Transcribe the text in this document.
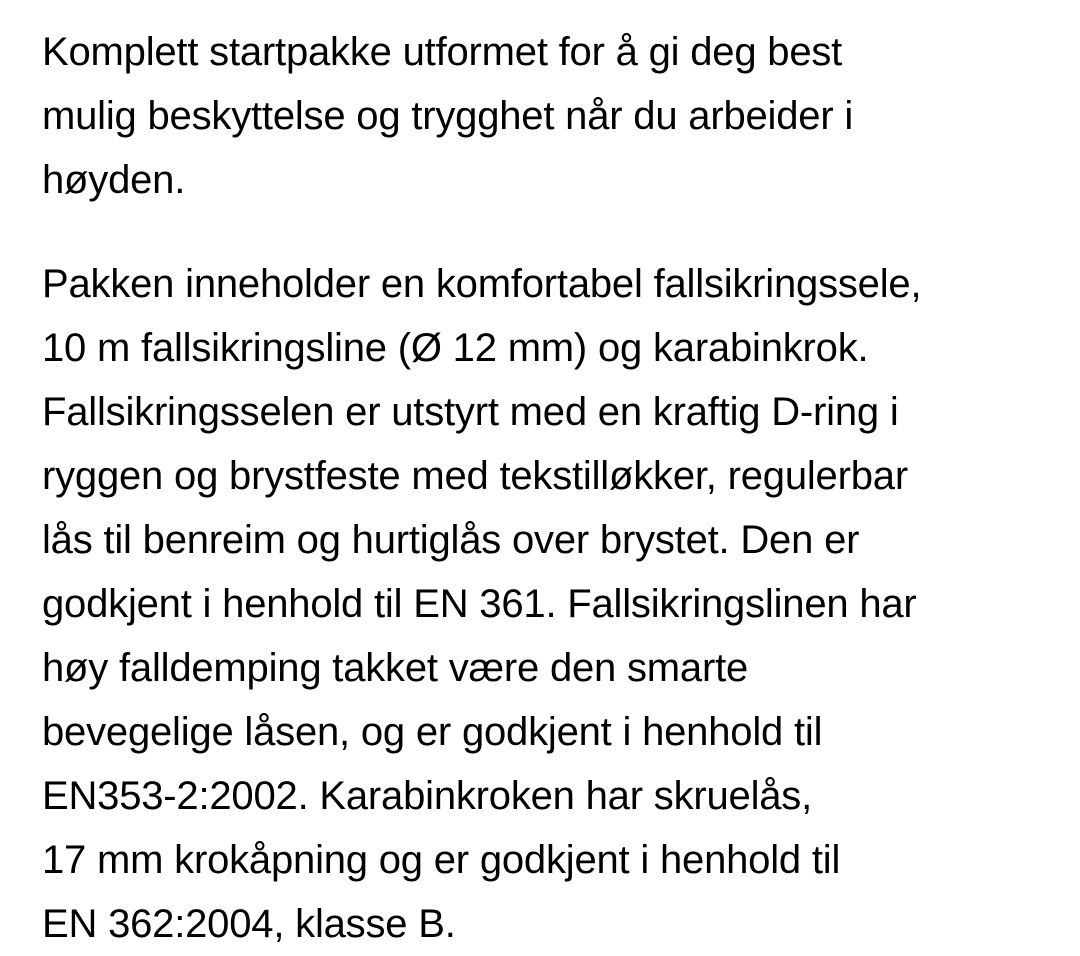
Komplett startpakke utformet for å gi deg best
mulig beskyttelse og trygghet når du arbeider i
høyden.

Pakken inneholder en komfortabel fallsikringssele,
10 m fallsikringsline (Ø 12 mm) og karabinkrok.
Fallsikringsselen er utstyrt med en kraftig D-ring i
ryggen og brystfeste med tekstilløkker, regulerbar
lås til benreim og hurtiglås over brystet. Den er
godkjent i henhold til EN 361. Fallsikringslinen har
høy falldemping takket være den smarte
bevegelige låsen, og er godkjent i henhold til
EN353-2:2002. Karabinkroken har skruelås,
17 mm krokåpning og er godkjent i henhold til
EN 362:2004, klasse B.
